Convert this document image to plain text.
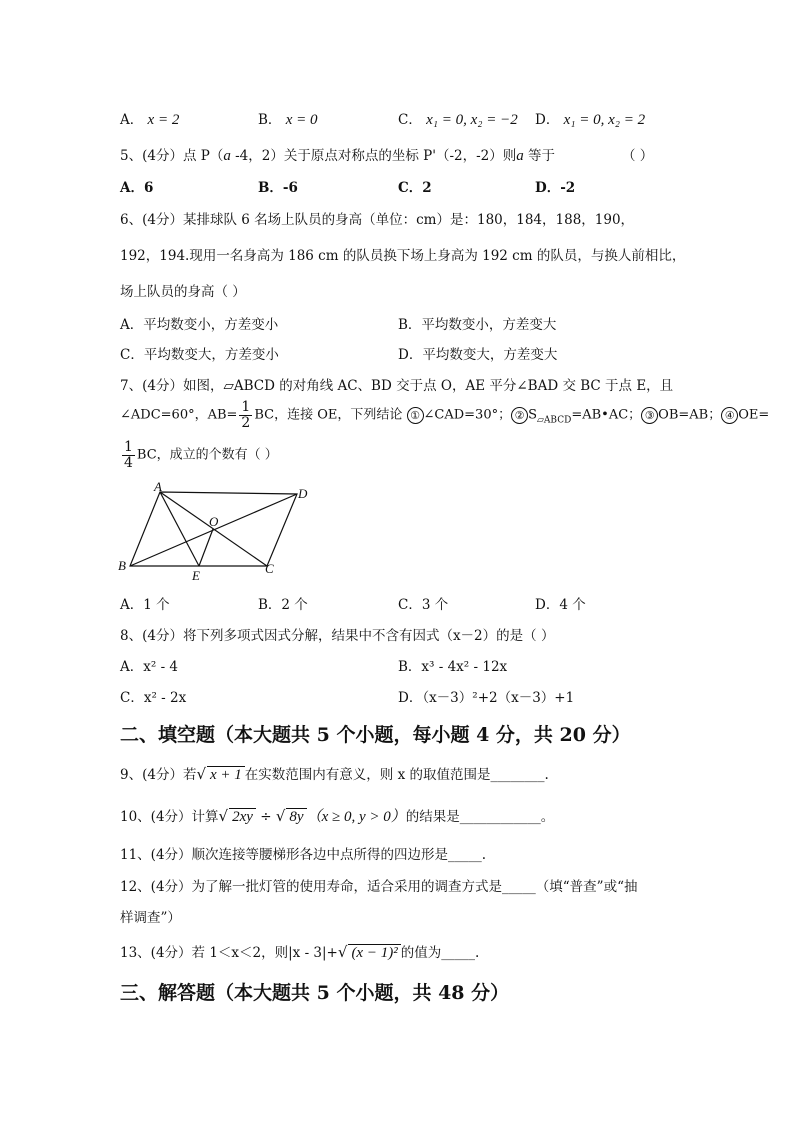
A． x = 2	B． x = 0	C． x₁ = 0, x₂ = −2 D． x₁ = 0, x₂ = 2
5、(4分）点 P（a -4，2）关于原点对称点的坐标 P'（-2，-2）则a 等于	（ ）
A．6	B．-6	C．2	D．-2
6、(4分）某排球队 6 名场上队员的身高（单位：cm）是：180，184，188，190，
192，194.现用一名身高为 186 cm 的队员换下场上身高为 192 cm 的队员，与换人前相比，
场上队员的身高（ ）
A．平均数变小，方差变小	B．平均数变小，方差变大
C．平均数变大，方差变小	D．平均数变大，方差变大
7、(4分）如图，▱ABCD 的对角线 AC、BD 交于点 O，AE 平分∠BAD 交 BC 于点 E，且
∠ADC=60°，$AB= \frac{1}{2}$ BC，连接 OE，下列结论 ① ∠CAD=30°； ② $S_{▱ABCD}=AB•AC$； ③ OB=AB； ④ OE=
$\frac{1}{4}$ BC，成立的个数有（ ）
A	D
O
B
E	C
A．1 个	B．2 个	C．3 个	D．4 个
8、(4分）将下列多项式因式分解，结果中不含有因式（x－2）的是（ ）
A．x² - 4	B．x³ - 4x² - 12x
C．x² - 2x	D．（x－3）²+2（x－3）+1
二、填空题（本大题共 5 个小题，每小题 4 分，共 20 分）
9、(4分）若√ x + 1 在实数范围内有意义，则 x 的取值范围是________.
10、(4分）计算√ 2xy ÷ √ 8y （x ≥ 0, y > 0）的结果是____________。
11、(4分）顺次连接等腰梯形各边中点所得的四边形是_____.
12、(4分）为了解一批灯管的使用寿命，适合采用的调查方式是_____（填“普查”或“抽
样调查”）
13、(4分）若 1＜x＜2，则|x - 3|+√ (x − 1)² 的值为_____.
三、解答题（本大题共 5 个小题，共 48 分）
